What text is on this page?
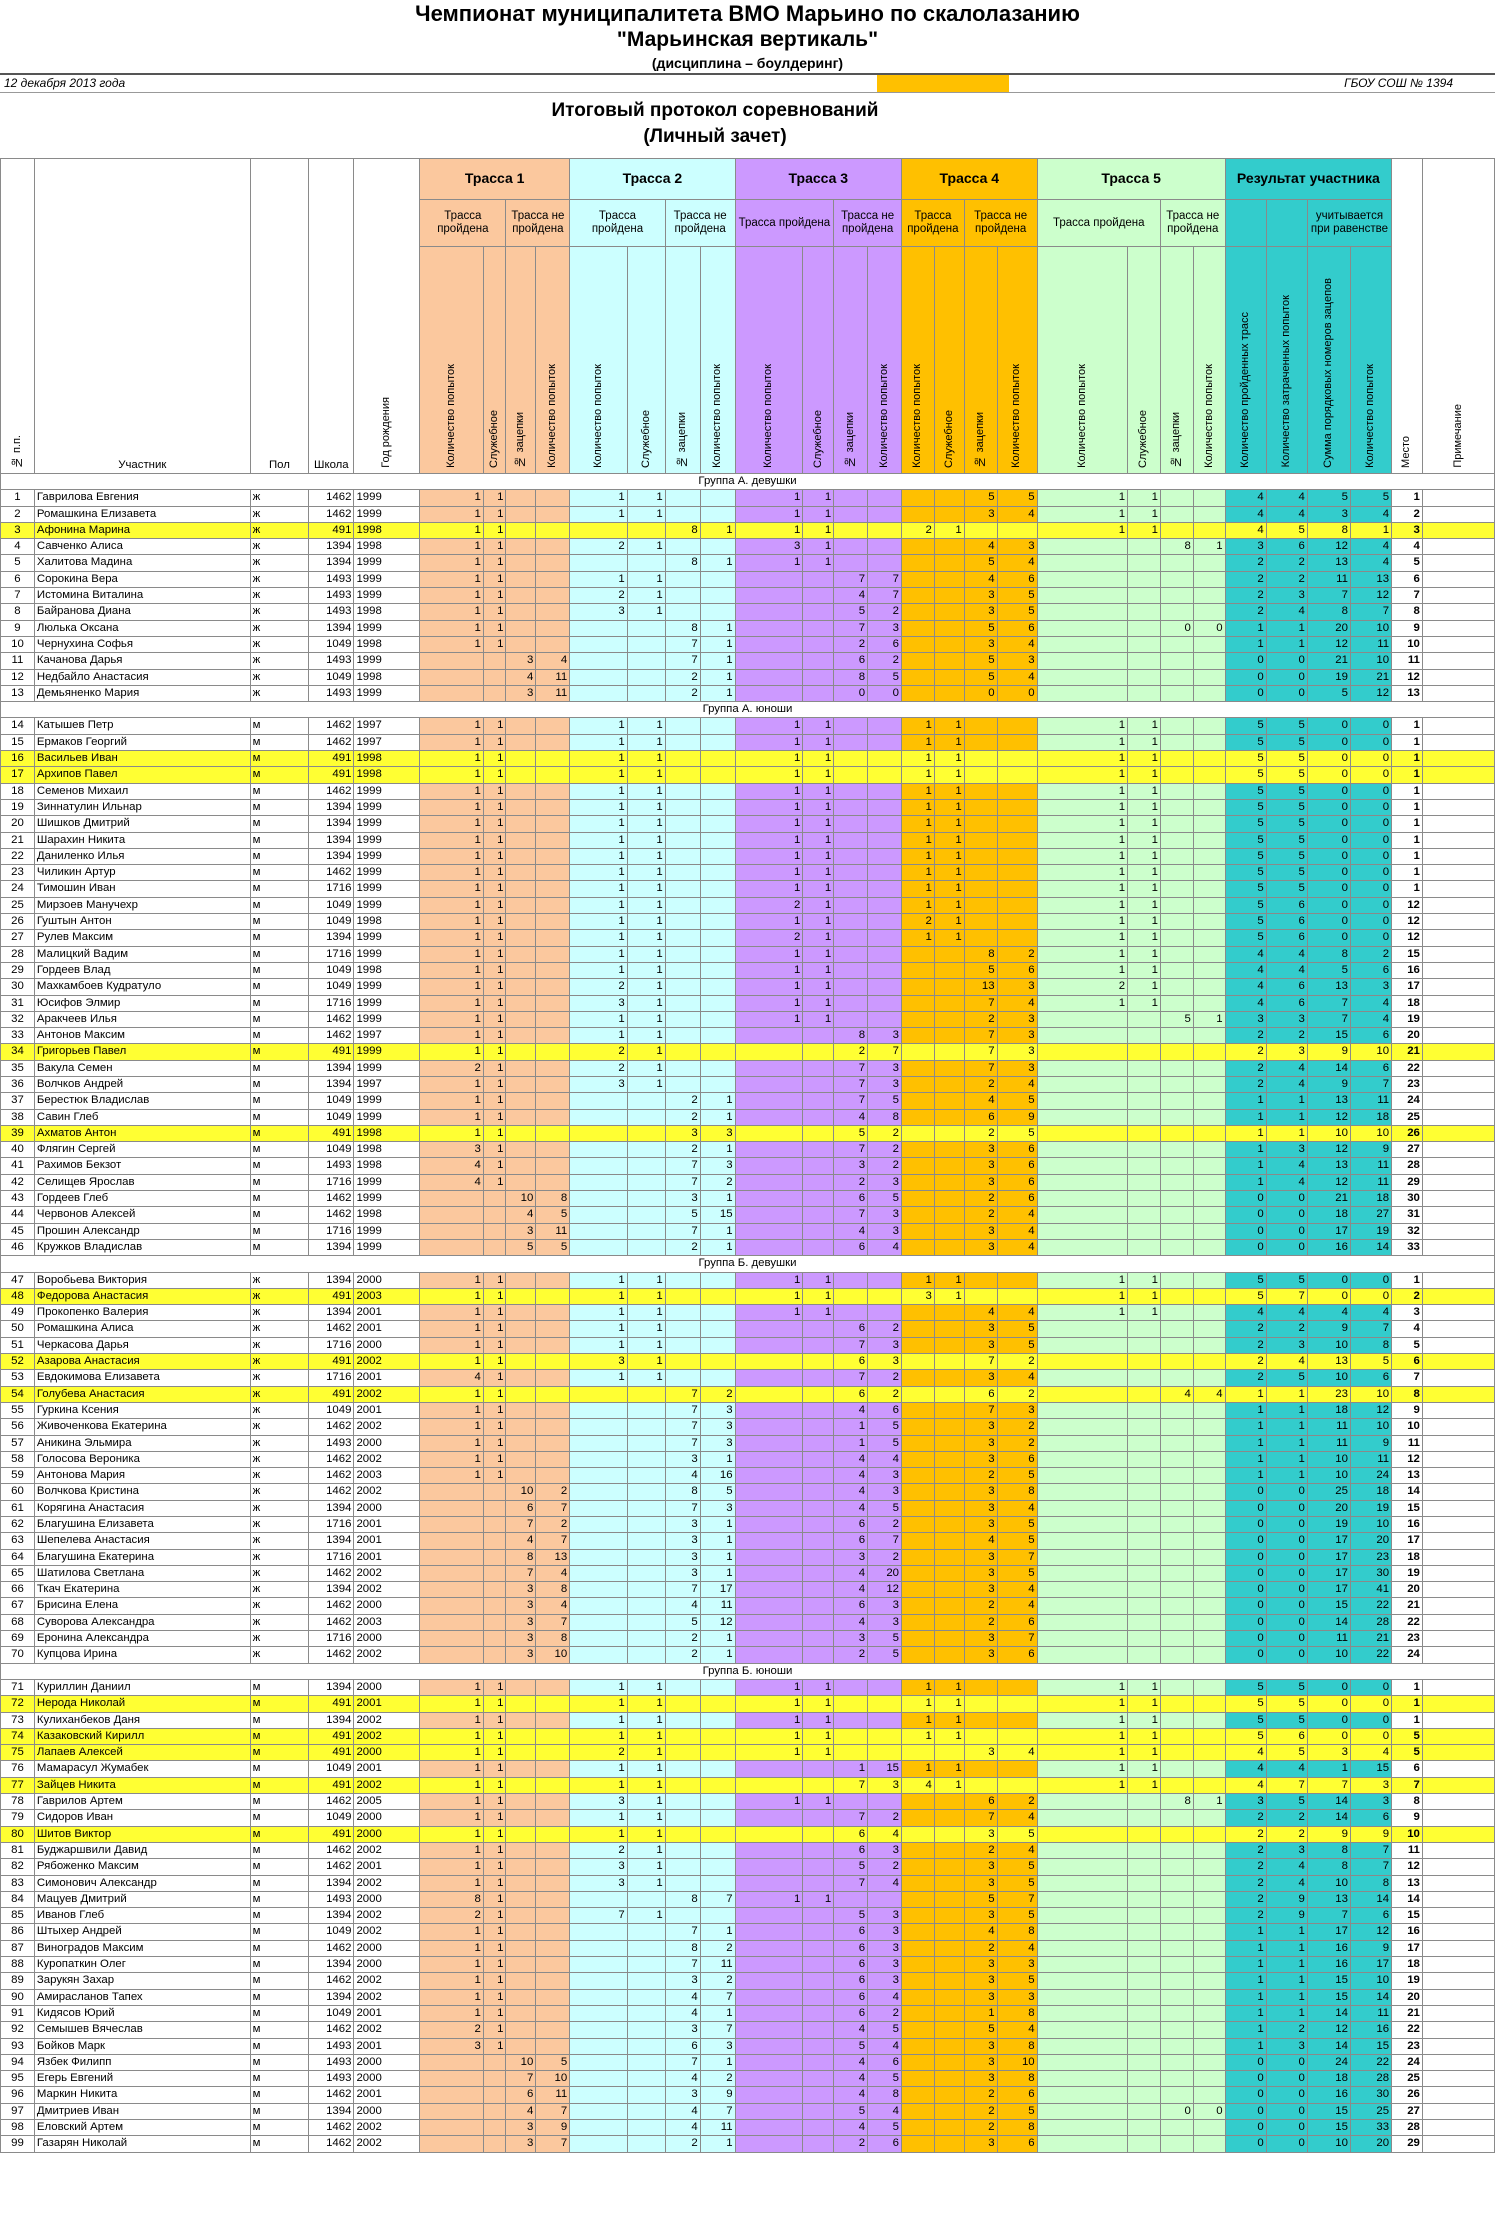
Чемпионат муниципалитета ВМО Марьино по скалолазанию
"Марьинская вертикаль"
(дисциплина – боулдеринг)
12 декабря 2013 года	ГБОУ СОШ № 1394
Итоговый протокол соревнований
(Личный зачет)
№ п.п.	Участник	Пол	Школа	Год рождения	Трасса 1				Трасса 2				Трасса 3				Трасса 4				Трасса 5				Результат участника				Место	Примечание
					Трасса пройдена		Трасса не пройдена		Трасса пройдена		Трасса не пройдена		Трасса пройдена		Трасса не пройдена		Трасса пройдена		Трасса не пройдена		Трасса пройдена		Трасса не пройдена				учитывается при равенстве			
					Количество попыток	Служебное	№ зацепки	Количество попыток	Количество попыток	Служебное	№ зацепки	Количество попыток	Количество попыток	Служебное	№ зацепки	Количество попыток	Количество попыток	Служебное	№ зацепки	Количество попыток	Количество попыток	Служебное	№ зацепки	Количество попыток	Количество пройденных трасс	Количество затраченных попыток	Сумма порядковых номеров зацепов	Количество попыток		
Группа А. девушки																														
1	Гаврилова Евгения	ж	1462	1999	1	1			1	1			1	1					5	5	1	1			4	4	5	5	1	
2	Ромашкина Елизавета	ж	1462	1999	1	1			1	1			1	1					3	4	1	1			4	4	3	4	2	
3	Афонина Марина	ж	491	1998	1	1					8	1	1	1			2	1			1	1			4	5	8	1	3	
4	Савченко Алиса	ж	1394	1998	1	1			2	1			3	1					4	3			8	1	3	6	12	4	4	
5	Халитова Мадина	ж	1394	1999	1	1					8	1	1	1					5	4					2	2	13	4	5	
6	Сорокина Вера	ж	1493	1999	1	1			1	1					7	7			4	6					2	2	11	13	6	
7	Истомина Виталина	ж	1493	1999	1	1			2	1					4	7			3	5					2	3	7	12	7	
8	Байранова Диана	ж	1493	1998	1	1			3	1					5	2			3	5					2	4	8	7	8	
9	Люлька Оксана	ж	1394	1999	1	1					8	1			7	3			5	6			0	0	1	1	20	10	9	
10	Чернухина Софья	ж	1049	1998	1	1					7	1			2	6			3	4					1	1	12	11	10	
11	Качанова Дарья	ж	1493	1999			3	4			7	1			6	2			5	3					0	0	21	10	11	
12	Недбайло Анастасия	ж	1049	1998			4	11			2	1			8	5			5	4					0	0	19	21	12	
13	Демьяненко Мария	ж	1493	1999			3	11			2	1			0	0			0	0					0	0	5	12	13	
Группа А. юноши																														
14	Катышев Петр	м	1462	1997	1	1			1	1			1	1			1	1			1	1			5	5	0	0	1	
15	Ермаков Георгий	м	1462	1997	1	1			1	1			1	1			1	1			1	1			5	5	0	0	1	
16	Васильев Иван	м	491	1998	1	1			1	1			1	1			1	1			1	1			5	5	0	0	1	
17	Архипов Павел	м	491	1998	1	1			1	1			1	1			1	1			1	1			5	5	0	0	1	
18	Семенов Михаил	м	1462	1999	1	1			1	1			1	1			1	1			1	1			5	5	0	0	1	
19	Зиннатулин Ильнар	м	1394	1999	1	1			1	1			1	1			1	1			1	1			5	5	0	0	1	
20	Шишков Дмитрий	м	1394	1999	1	1			1	1			1	1			1	1			1	1			5	5	0	0	1	
21	Шарахин Никита	м	1394	1999	1	1			1	1			1	1			1	1			1	1			5	5	0	0	1	
22	Даниленко Илья	м	1394	1999	1	1			1	1			1	1			1	1			1	1			5	5	0	0	1	
23	Чиликин Артур	м	1462	1999	1	1			1	1			1	1			1	1			1	1			5	5	0	0	1	
24	Тимошин Иван	м	1716	1999	1	1			1	1			1	1			1	1			1	1			5	5	0	0	1	
25	Мирзоев Манучехр	м	1049	1999	1	1			1	1			2	1			1	1			1	1			5	6	0	0	12	
26	Гуштын Антон	м	1049	1998	1	1			1	1			1	1			2	1			1	1			5	6	0	0	12	
27	Рулев Максим	м	1394	1999	1	1			1	1			2	1			1	1			1	1			5	6	0	0	12	
28	Малицкий Вадим	м	1716	1999	1	1			1	1			1	1					8	2	1	1			4	4	8	2	15	
29	Гордеев Влад	м	1049	1998	1	1			1	1			1	1					5	6	1	1			4	4	5	6	16	
30	Махкамбоев Кудратуло	м	1049	1999	1	1			2	1			1	1					13	3	2	1			4	6	13	3	17	
31	Юсифов Элмир	м	1716	1999	1	1			3	1			1	1					7	4	1	1			4	6	7	4	18	
32	Аракчеев Илья	м	1462	1999	1	1			1	1			1	1					2	3			5	1	3	3	7	4	19	
33	Антонов Максим	м	1462	1997	1	1			1	1					8	3			7	3					2	2	15	6	20	
34	Григорьев Павел	м	491	1999	1	1			2	1					2	7			7	3					2	3	9	10	21	
35	Вакула Семен	м	1394	1999	2	1			2	1					7	3			7	3					2	4	14	6	22	
36	Волчков Андрей	м	1394	1997	1	1			3	1					7	3			2	4					2	4	9	7	23	
37	Берестюк Владислав	м	1049	1999	1	1					2	1			7	5			4	5					1	1	13	11	24	
38	Савин Глеб	м	1049	1999	1	1					2	1			4	8			6	9					1	1	12	18	25	
39	Ахматов Антон	м	491	1998	1	1					3	3			5	2			2	5					1	1	10	10	26	
40	Флягин Сергей	м	1049	1998	3	1					2	1			7	2			3	6					1	3	12	9	27	
41	Рахимов Бекзот	м	1493	1998	4	1					7	3			3	2			3	6					1	4	13	11	28	
42	Селищев Ярослав	м	1716	1999	4	1					7	2			2	3			3	6					1	4	12	11	29	
43	Гордеев Глеб	м	1462	1999			10	8			3	1			6	5			2	6					0	0	21	18	30	
44	Червонов Алексей	м	1462	1998			4	5			5	15			7	3			2	4					0	0	18	27	31	
45	Прошин Александр	м	1716	1999			3	11			7	1			4	3			3	4					0	0	17	19	32	
46	Кружков Владислав	м	1394	1999			5	5			2	1			6	4			3	4					0	0	16	14	33	
Группа Б. девушки																														
47	Воробьева Виктория	ж	1394	2000	1	1			1	1			1	1			1	1			1	1			5	5	0	0	1	
48	Федорова Анастасия	ж	491	2003	1	1			1	1			1	1			3	1			1	1			5	7	0	0	2	
49	Прокопенко Валерия	ж	1394	2001	1	1			1	1			1	1					4	4	1	1			4	4	4	4	3	
50	Ромашкина Алиса	ж	1462	2001	1	1			1	1					6	2			3	5					2	2	9	7	4	
51	Черкасова Дарья	ж	1716	2000	1	1			1	1					7	3			3	5					2	3	10	8	5	
52	Азарова Анастасия	ж	491	2002	1	1			3	1					6	3			7	2					2	4	13	5	6	
53	Евдокимова Елизавета	ж	1716	2001	4	1			1	1					7	2			3	4					2	5	10	6	7	
54	Голубева Анастасия	ж	491	2002	1	1					7	2			6	2			6	2			4	4	1	1	23	10	8	
55	Гуркина Ксения	ж	1049	2001	1	1					7	3			4	6			7	3					1	1	18	12	9	
56	Живоченкова Екатерина	ж	1462	2002	1	1					7	3			1	5			3	2					1	1	11	10	10	
57	Аникина Эльмира	ж	1493	2000	1	1					7	3			1	5			3	2					1	1	11	9	11	
58	Голосова Вероника	ж	1462	2002	1	1					3	1			4	4			3	6					1	1	10	11	12	
59	Антонова Мария	ж	1462	2003	1	1					4	16			4	3			2	5					1	1	10	24	13	
60	Волчкова Кристина	ж	1462	2002			10	2			8	5			4	3			3	8					0	0	25	18	14	
61	Корягина Анастасия	ж	1394	2000			6	7			7	3			4	5			3	4					0	0	20	19	15	
62	Благушина Елизавета	ж	1716	2001			7	2			3	1			6	2			3	5					0	0	19	10	16	
63	Шепелева Анастасия	ж	1394	2001			4	7			3	1			6	7			4	5					0	0	17	20	17	
64	Благушина Екатерина	ж	1716	2001			8	13			3	1			3	2			3	7					0	0	17	23	18	
65	Шатилова Светлана	ж	1462	2002			7	4			3	1			4	20			3	5					0	0	17	30	19	
66	Ткач Екатерина	ж	1394	2002			3	8			7	17			4	12			3	4					0	0	17	41	20	
67	Брисина Елена	ж	1462	2000			3	4			4	11			6	3			2	4					0	0	15	22	21	
68	Суворова Александра	ж	1462	2003			3	7			5	12			4	3			2	6					0	0	14	28	22	
69	Еронина Александра	ж	1716	2000			3	8			2	1			3	5			3	7					0	0	11	21	23	
70	Купцова Ирина	ж	1462	2002			3	10			2	1			2	5			3	6					0	0	10	22	24	
Группа Б. юноши																														
71	Куриллин Даниил	м	1394	2000	1	1			1	1			1	1			1	1			1	1			5	5	0	0	1	
72	Нерода Николай	м	491	2001	1	1			1	1			1	1			1	1			1	1			5	5	0	0	1	
73	Кулиханбеков Даня	м	1394	2002	1	1			1	1			1	1			1	1			1	1			5	5	0	0	1	
74	Казаковский Кирилл	м	491	2002	1	1			1	1			1	1			1	1			1	1			5	6	0	0	5	
75	Лапаев Алексей	м	491	2000	1	1			2	1			1	1					3	4	1	1			4	5	3	4	5	
76	Мамарасул Жумабек	м	1049	2001	1	1			1	1					1	15	1	1			1	1			4	4	1	15	6	
77	Зайцев Никита	м	491	2002	1	1			1	1					7	3	4	1			1	1			4	7	7	3	7	
78	Гаврилов Артем	м	1462	2005	1	1			3	1			1	1					6	2			8	1	3	5	14	3	8	
79	Сидоров Иван	м	1049	2000	1	1			1	1					7	2			7	4					2	2	14	6	9	
80	Шитов Виктор	м	491	2000	1	1			1	1					6	4			3	5					2	2	9	9	10	
81	Буджаршвили Давид	м	1462	2002	1	1			2	1					6	3			2	4					2	3	8	7	11	
82	Рябоженко Максим	м	1462	2001	1	1			3	1					5	2			3	5					2	4	8	7	12	
83	Симонович Александр	м	1394	2002	1	1			3	1					7	4			3	5					2	4	10	8	13	
84	Мацуев Дмитрий	м	1493	2000	8	1					8	7	1	1					5	7					2	9	13	14	14	
85	Иванов Глеб	м	1394	2002	2	1			7	1					5	3			3	5					2	9	7	6	15	
86	Штыхер Андрей	м	1049	2002	1	1					7	1			6	3			4	8					1	1	17	12	16	
87	Виноградов Максим	м	1462	2000	1	1					8	2			6	3			2	4					1	1	16	9	17	
88	Куропаткин Олег	м	1394	2000	1	1					7	11			6	3			3	3					1	1	16	17	18	
89	Зарукян Захар	м	1462	2002	1	1					3	2			6	3			3	5					1	1	15	10	19	
90	Амирасланов Тапех	м	1394	2002	1	1					4	7			6	4			3	3					1	1	15	14	20	
91	Кидясов Юрий	м	1049	2001	1	1					4	1			6	2			1	8					1	1	14	11	21	
92	Семышев Вячеслав	м	1462	2002	2	1					3	7			4	5			5	4					1	2	12	16	22	
93	Бойков Марк	м	1493	2001	3	1					6	3			5	4			3	8					1	3	14	15	23	
94	Язбек Филипп	м	1493	2000			10	5			7	1			4	6			3	10					0	0	24	22	24	
95	Егерь Евгений	м	1493	2000			7	10			4	2			4	5			3	8					0	0	18	28	25	
96	Маркин Никита	м	1462	2001			6	11			3	9			4	8			2	6					0	0	16	30	26	
97	Дмитриев Иван	м	1394	2000			4	7			4	7			5	4			2	5			0	0	0	0	15	25	27	
98	Еловский Артем	м	1462	2002			3	9			4	11			4	5			2	8					0	0	15	33	28	
99	Газарян Николай	м	1462	2002			3	7			2	1			2	6			3	6					0	0	10	20	29	
